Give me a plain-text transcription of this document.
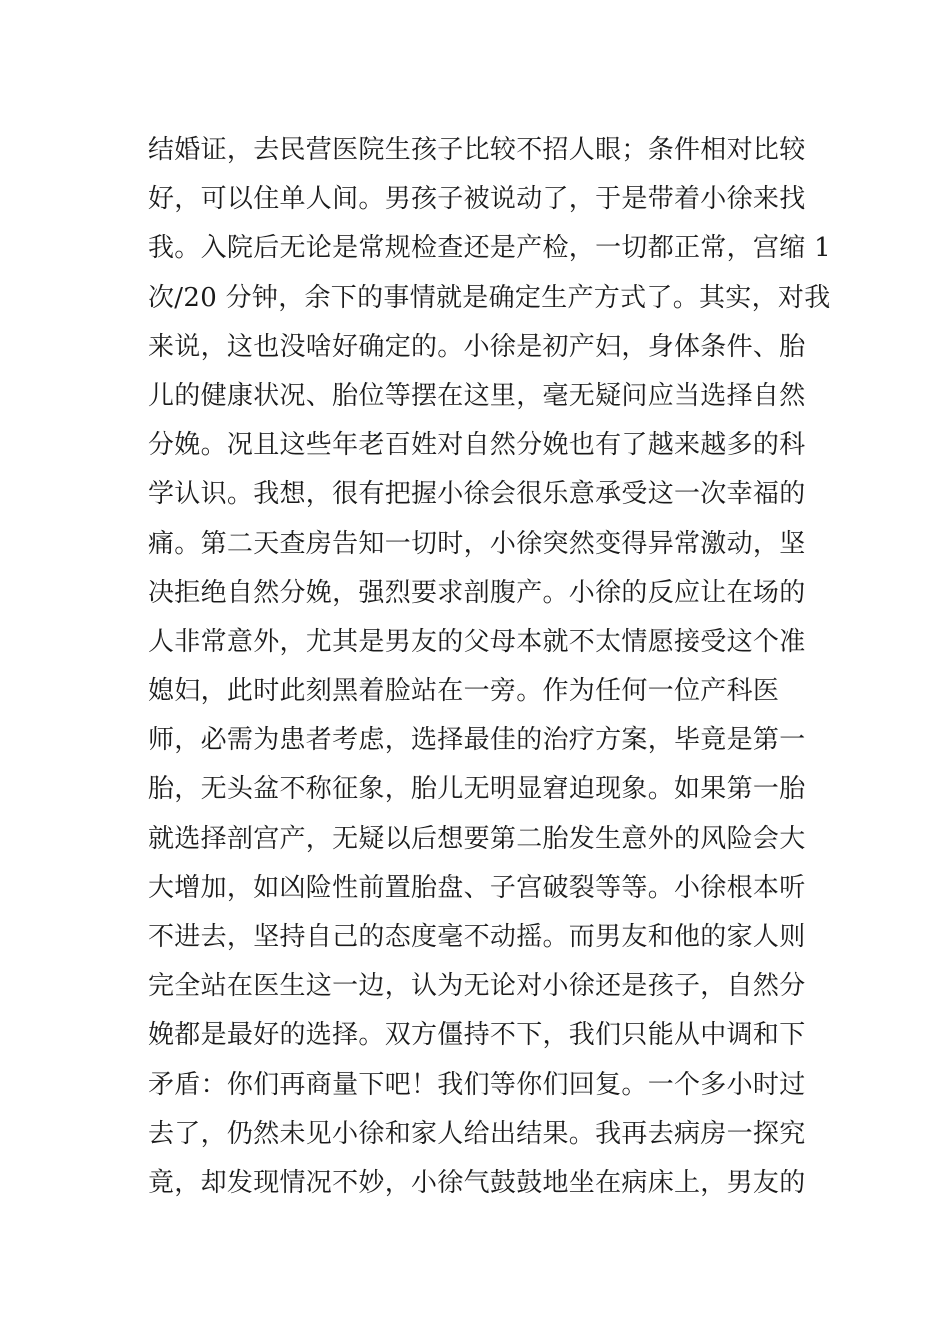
结婚证，去民营医院生孩子比较不招人眼；条件相对比较
好，可以住单人间。男孩子被说动了，于是带着小徐来找
我。入院后无论是常规检查还是产检，一切都正常，宫缩 1
次/20 分钟，余下的事情就是确定生产方式了。其实，对我
来说，这也没啥好确定的。小徐是初产妇，身体条件、胎
儿的健康状况、胎位等摆在这里，毫无疑问应当选择自然
分娩。况且这些年老百姓对自然分娩也有了越来越多的科
学认识。我想，很有把握小徐会很乐意承受这一次幸福的
痛。第二天查房告知一切时，小徐突然变得异常激动，坚
决拒绝自然分娩，强烈要求剖腹产。小徐的反应让在场的
人非常意外，尤其是男友的父母本就不太情愿接受这个准
媳妇，此时此刻黑着脸站在一旁。作为任何一位产科医
师，必需为患者考虑，选择最佳的治疗方案，毕竟是第一
胎，无头盆不称征象，胎儿无明显窘迫现象。如果第一胎
就选择剖宫产，无疑以后想要第二胎发生意外的风险会大
大增加，如凶险性前置胎盘、子宫破裂等等。小徐根本听
不进去，坚持自己的态度毫不动摇。而男友和他的家人则
完全站在医生这一边，认为无论对小徐还是孩子，自然分
娩都是最好的选择。双方僵持不下，我们只能从中调和下
矛盾：你们再商量下吧！我们等你们回复。一个多小时过
去了，仍然未见小徐和家人给出结果。我再去病房一探究
竟，却发现情况不妙，小徐气鼓鼓地坐在病床上，男友的
